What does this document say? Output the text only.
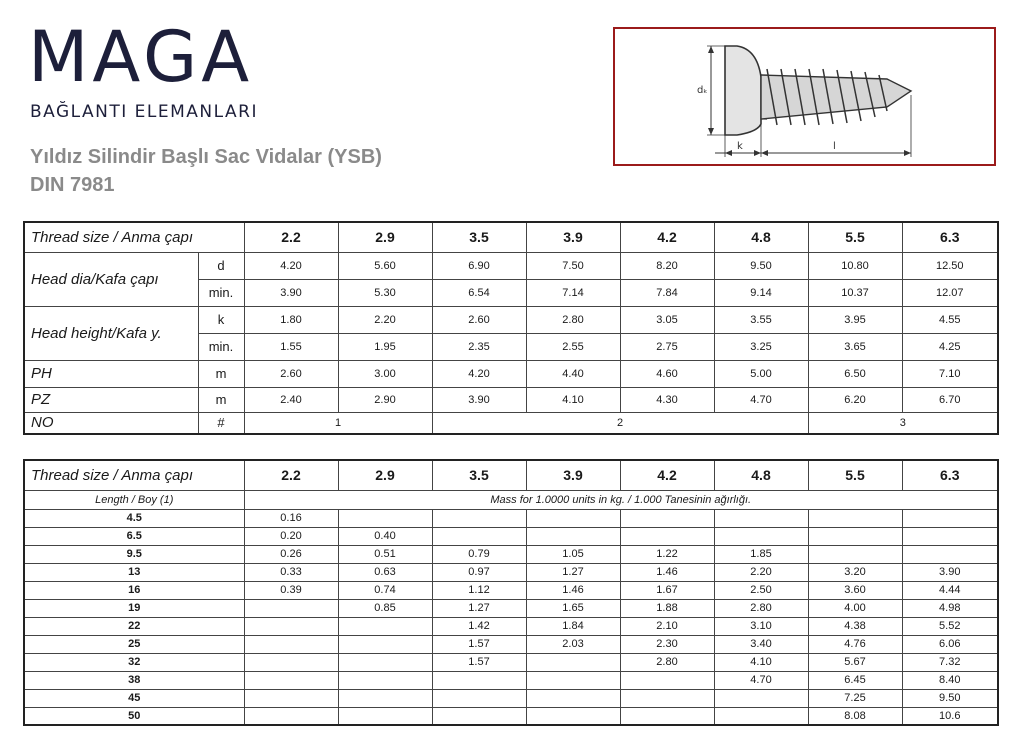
MAGA
BAĞLANTI ELEMANLARI
Yıldız Silindir Başlı Sac Vidalar (YSB)
DIN 7981
dₖ
k	l
Thread size / Anma çapı		2.2	2.9	3.5	3.9	4.2	4.8	5.5	6.3
Head dia/Kafa çapı	d	4.20	5.60	6.90	7.50	8.20	9.50	10.80	12.50
	min.	3.90	5.30	6.54	7.14	7.84	9.14	10.37	12.07
Head height/Kafa y.	k	1.80	2.20	2.60	2.80	3.05	3.55	3.95	4.55
	min.	1.55	1.95	2.35	2.55	2.75	3.25	3.65	4.25
PH	m	2.60	3.00	4.20	4.40	4.60	5.00	6.50	7.10
PZ	m	2.40	2.90	3.90	4.10	4.30	4.70	6.20	6.70
NO	#	1		2				3	
Thread size / Anma çapı	2.2	2.9	3.5	3.9	4.2	4.8	5.5	6.3
Length / Boy (1)	Mass for 1.0000 units in kg. / 1.000 Tanesinin ağırlığı.							
4.5	0.16							
6.5	0.20	0.40						
9.5	0.26	0.51	0.79	1.05	1.22	1.85		
13	0.33	0.63	0.97	1.27	1.46	2.20	3.20	3.90
16	0.39	0.74	1.12	1.46	1.67	2.50	3.60	4.44
19		0.85	1.27	1.65	1.88	2.80	4.00	4.98
22			1.42	1.84	2.10	3.10	4.38	5.52
25			1.57	2.03	2.30	3.40	4.76	6.06
32			1.57		2.80	4.10	5.67	7.32
38						4.70	6.45	8.40
45							7.25	9.50
50							8.08	10.6
